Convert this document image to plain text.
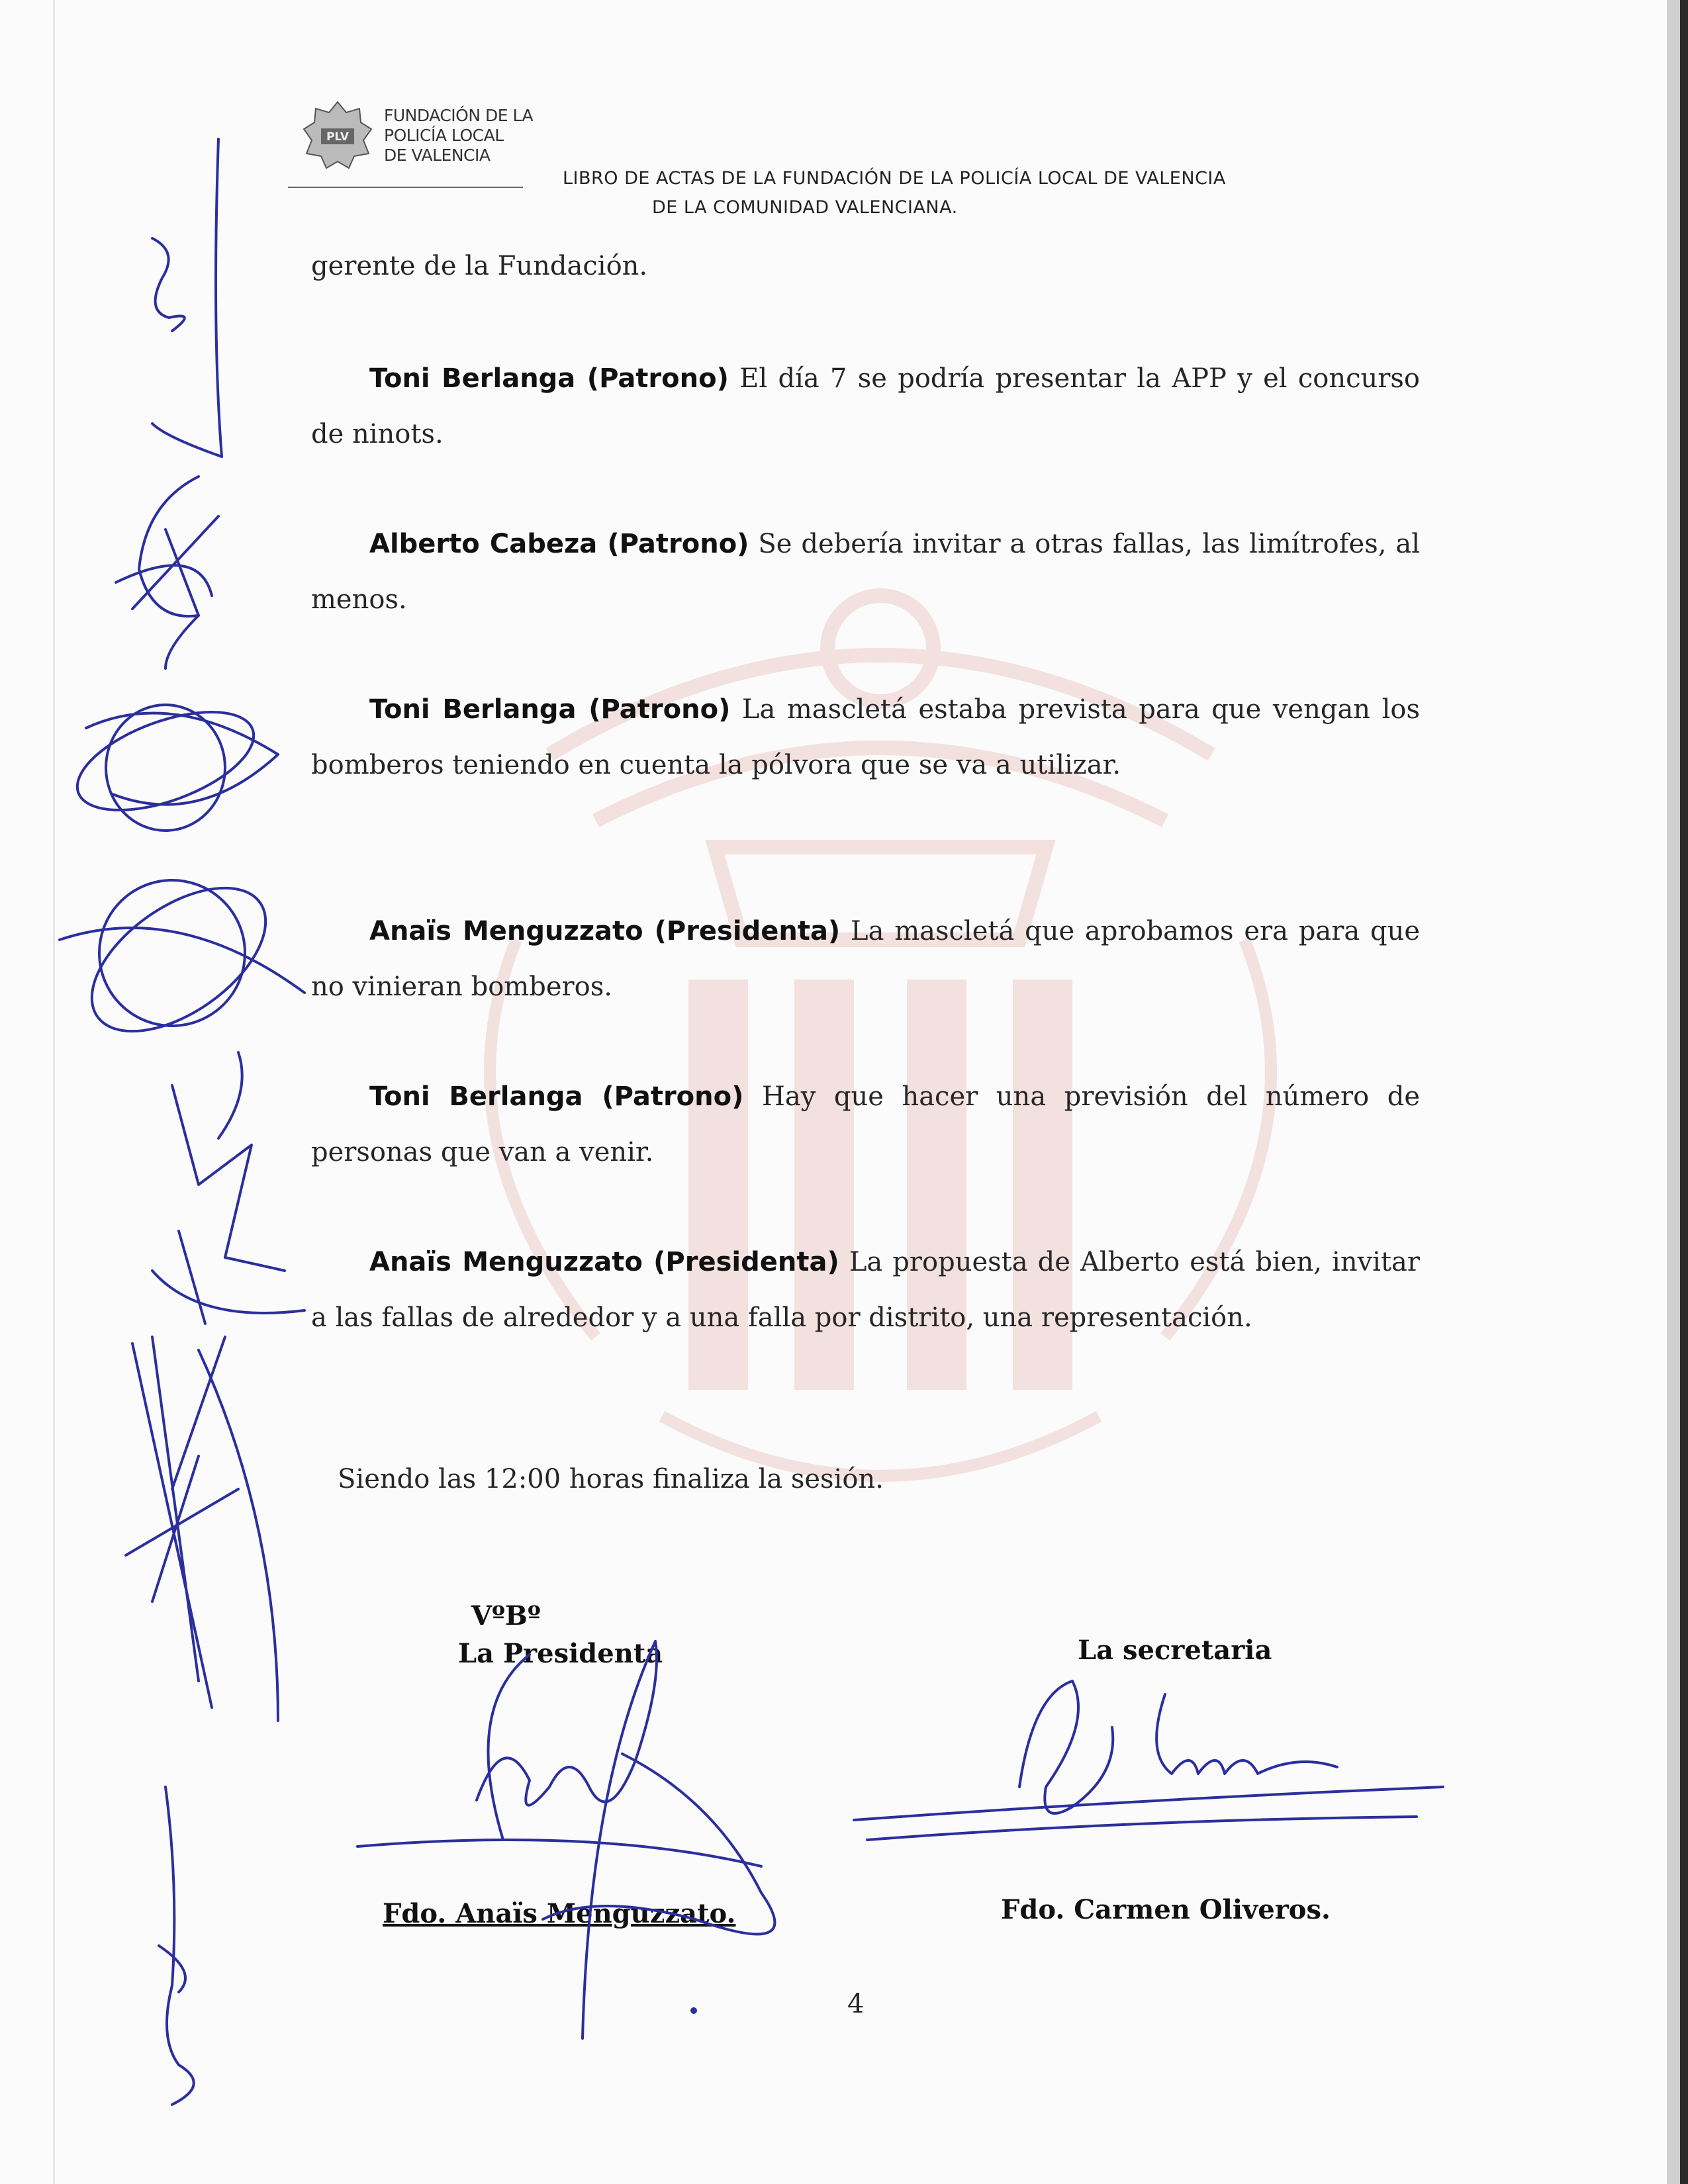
PLV
FUNDACIÓN DE LA
POLICÍA LOCAL
DE VALENCIA
LIBRO DE ACTAS DE LA FUNDACIÓN DE LA POLICÍA LOCAL DE VALENCIA
DE LA COMUNIDAD VALENCIANA.
gerente de la Fundación.
Toni Berlanga (Patrono) El día 7 se podría presentar la APP y el concurso de ninots.
Alberto Cabeza (Patrono) Se debería invitar a otras fallas, las limítrofes, al menos.
Toni Berlanga (Patrono) La mascletá estaba prevista para que vengan los bomberos teniendo en cuenta la pólvora que se va a utilizar.
Anaïs Menguzzato (Presidenta) La mascletá que aprobamos era para que no vinieran bomberos.
Toni Berlanga (Patrono) Hay que hacer una previsión del número de personas que van a venir.
Anaïs Menguzzato (Presidenta) La propuesta de Alberto está bien, invitar a las fallas de alrededor y a una falla por distrito, una representación.
Siendo las 12:00 horas finaliza la sesión.
VºBº
La Presidenta	La secretaria
Fdo. Anaïs Menguzzato.	Fdo. Carmen Oliveros.
4
